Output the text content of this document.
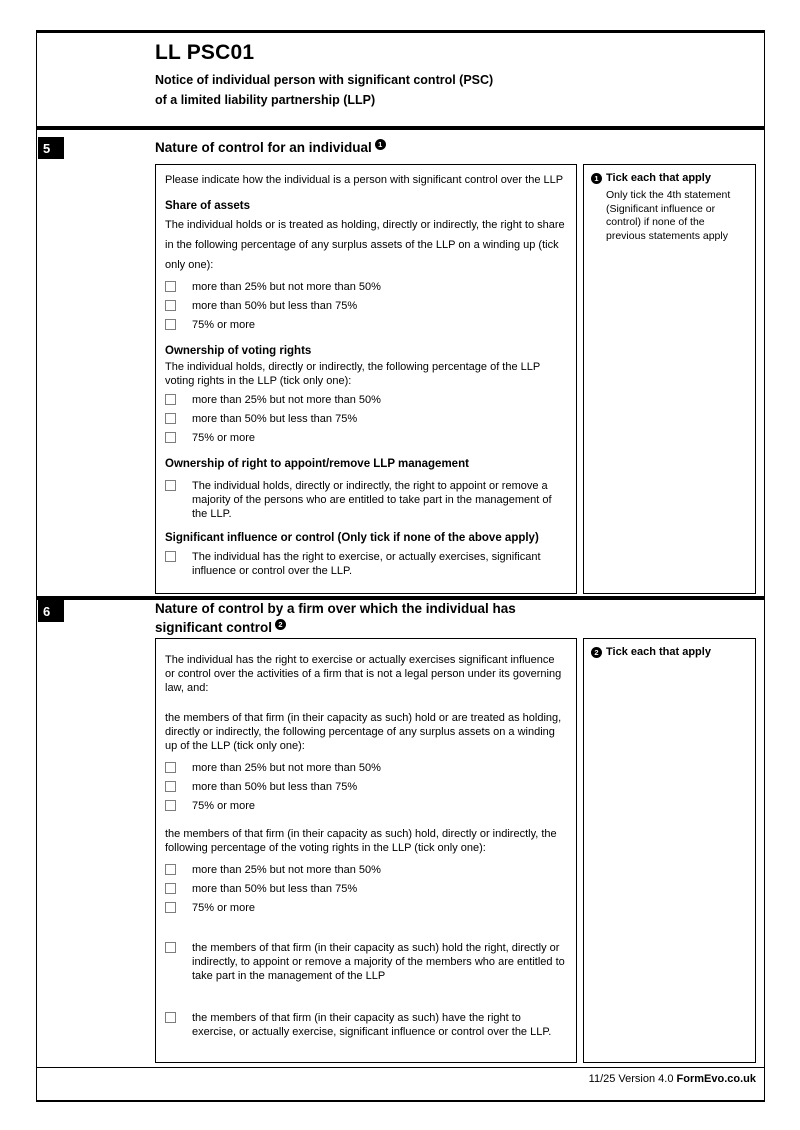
LL PSC01
Notice of individual person with significant control (PSC)
of a limited liability partnership (LLP)
5	Nature of control for an individual 1

Please indicate how the individual is a person with significant control over the LLP

Share of assets

The individual holds or is treated as holding, directly or indirectly, the right to share in the following percentage of any surplus assets of the LLP on a winding up (tick only one):

more than 25% but not more than 50%
more than 50% but less than 75%
75% or more
Ownership of voting rights

The individual holds, directly or indirectly, the following percentage of the LLP voting rights in the LLP (tick only one):

more than 25% but not more than 50%
more than 50% but less than 75%
75% or more
Ownership of right to appoint/remove LLP management
The individual holds, directly or indirectly, the right to appoint or remove a majority of the persons who are entitled to take part in the management of the LLP.
Significant influence or control (Only tick if none of the above apply)
The individual has the right to exercise, or actually exercises, significant influence or control over the LLP.
1 Tick each that apply

Only tick the 4th statement (Significant influence or control) if none of the previous statements apply

6	Nature of control by a firm over which the individual has significant control 2

The individual has the right to exercise or actually exercises significant influence or control over the activities of a firm that is not a legal person under its governing law, and:

the members of that firm (in their capacity as such) hold or are treated as holding, directly or indirectly, the following percentage of any surplus assets on a winding up of the LLP (tick only one):

more than 25% but not more than 50%
more than 50% but less than 75%
75% or more

the members of that firm (in their capacity as such) hold, directly or indirectly, the following percentage of the voting rights in the LLP (tick only one):

more than 25% but not more than 50%
more than 50% but less than 75%
75% or more
the members of that firm (in their capacity as such) hold the right, directly or indirectly, to appoint or remove a majority of the members who are entitled to take part in the management of the LLP
the members of that firm (in their capacity as such) have the right to exercise, or actually exercise, significant influence or control over the LLP.
2 Tick each that apply
11/25 Version 4.0 FormEvo.co.uk
